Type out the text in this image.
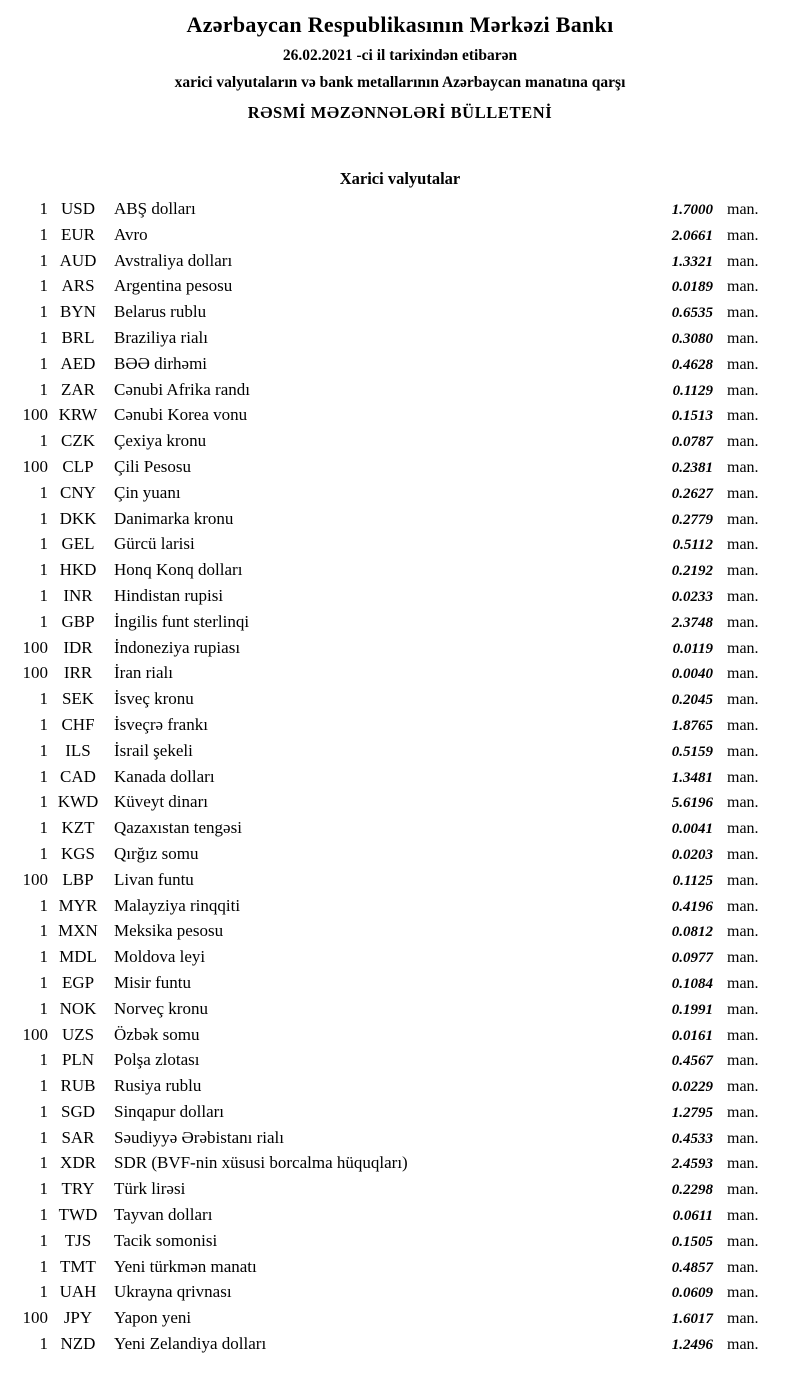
Azərbaycan Respublikasının Mərkəzi Bankı
26.02.2021 -ci il tarixindən etibarən
xarici valyutaların və bank metallarının Azərbaycan manatına qarşı
RƏSMİ MƏZƏNNƏLƏRİ BÜLLETENİ
Xarici valyutalar
1 USD	ABŞ dolları	1.7000 man.
1 EUR	Avro	2.0661 man.
1 AUD	Avstraliya dolları	1.3321 man.
1 ARS	Argentina pesosu	0.0189 man.
1 BYN	Belarus rublu	0.6535 man.
1 BRL	Braziliya rialı	0.3080 man.
1 AED	BƏƏ dirhəmi	0.4628 man.
1 ZAR	Cənubi Afrika randı	0.1129 man.
100 KRW Cənubi Korea vonu	0.1513 man.
1 CZK	Çexiya kronu	0.0787 man.
100 CLP	Çili Pesosu	0.2381 man.
1 CNY	Çin yuanı	0.2627 man.
1 DKK	Danimarka kronu	0.2779 man.
1 GEL	Gürcü larisi	0.5112 man.
1 HKD	Honq Konq dolları	0.2192 man.
1 INR	Hindistan rupisi	0.0233 man.
1 GBP	İngilis funt sterlinqi	2.3748 man.
100 IDR	İndoneziya rupiası	0.0119 man.
100 IRR	İran rialı	0.0040 man.
1 SEK	İsveç kronu	0.2045 man.
1 CHF	İsveçrə frankı	1.8765 man.
1	ILS	İsrail şekeli	0.5159 man.
1 CAD	Kanada dolları	1.3481 man.
1 KWD Küveyt dinarı	5.6196 man.
1 KZT	Qazaxıstan tengəsi	0.0041 man.
1 KGS	Qırğız somu	0.0203 man.
100 LBP	Livan funtu	0.1125 man.
1 MYR Malayziya rinqqiti	0.4196 man.
1 MXN Meksika pesosu	0.0812 man.
1 MDL	Moldova leyi	0.0977 man.
1 EGP	Misir funtu	0.1084 man.
1 NOK	Norveç kronu	0.1991 man.
100 UZS	Özbək somu	0.0161 man.
1 PLN	Polşa zlotası	0.4567 man.
1 RUB	Rusiya rublu	0.0229 man.
1 SGD	Sinqapur dolları	1.2795 man.
1 SAR	Səudiyyə Ərəbistanı rialı	0.4533 man.
1 XDR	SDR (BVF-nin xüsusi borcalma hüquqları)	2.4593 man.
1 TRY	Türk lirəsi	0.2298 man.
1 TWD Tayvan dolları	0.0611 man.
1 TJS	Tacik somonisi	0.1505 man.
1 TMT	Yeni türkmən manatı	0.4857 man.
1 UAH	Ukrayna qrivnası	0.0609 man.
100 JPY	Yapon yeni	1.6017 man.
1 NZD	Yeni Zelandiya dolları	1.2496 man.
